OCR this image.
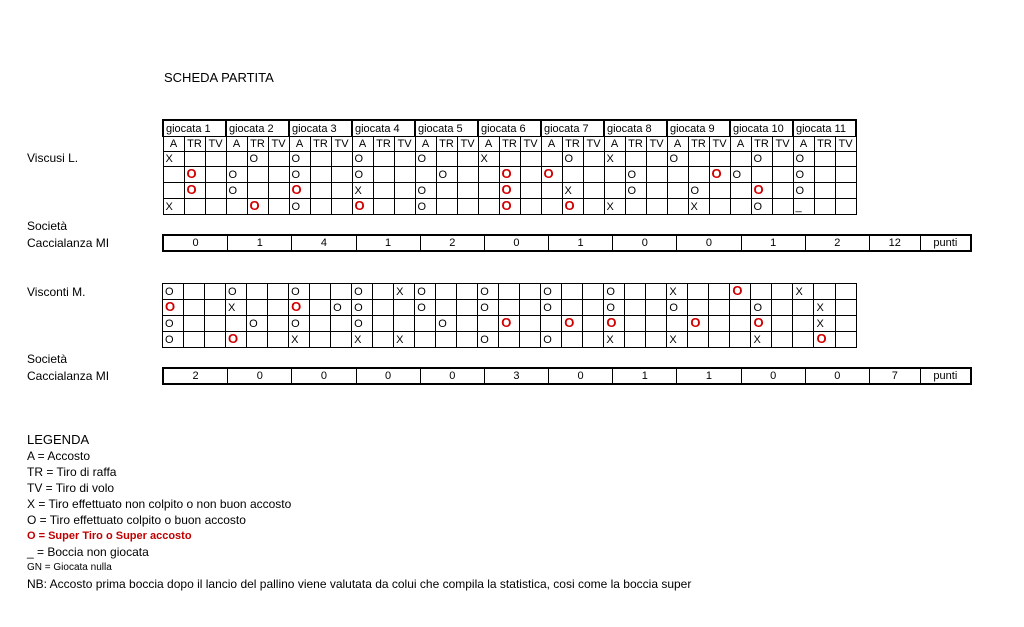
SCHEDA PARTITA
Viscusi L.
giocata 1			giocata 2			giocata 3			giocata 4			giocata 5			giocata 6			giocata 7			giocata 8			giocata 9			giocata 10			giocata 11		
A	TR	TV	A	TR	TV	A	TR	TV	A	TR	TV	A	TR	TV	A	TR	TV	A	TR	TV	A	TR	TV	A	TR	TV	A	TR	TV	A	TR	TV
X				O		O			O			O			X				O		X			O				O		O		
	O		O			O			O				O			O		O				O				O	O			O		
	O		O			O			X			O				O			X			O			O			O		O		
X				O		O			O			O				O			O		X				X			O		_		
Società
Caccialanza MI	0	1	4	1	2	0	1	0	0	1	2	12	punti
Visconti M.	O			O			O			O		X	O			O			O			O			X			O			X		
O			X			O		O	O			O			O			O			O			O				O			X	
O				O		O			O				O			O			O		O				O			O			X	
O			O			X			X		X				O			O			X			X				X			O	
Società
Caccialanza MI	2	0	0	0	0	3	0	1	1	0	0	7	punti
LEGENDA
A = Accosto
TR = Tiro di raffa
TV = Tiro di volo
X = Tiro effettuato non colpito o non buon accosto
O = Tiro effettuato colpito o buon accosto
O = Super Tiro o Super accosto
_ = Boccia non giocata
GN = Giocata nulla
NB: Accosto prima boccia dopo il lancio del pallino viene valutata da colui che compila la statistica, cosi come la boccia super
